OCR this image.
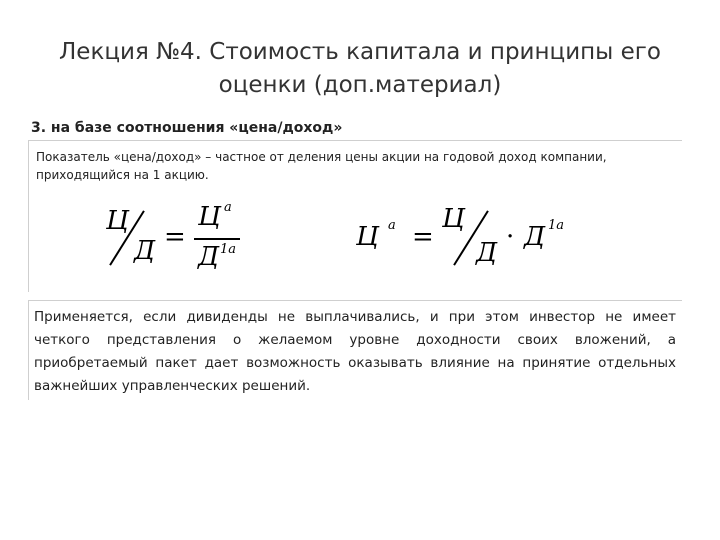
Лекция №4. Стоимость капитала и принципы его
оценки (доп.материал)
3. на базе соотношения «цена/доход»
Показатель «цена/доход» – частное от деления цены акции на годовой доход компании, приходящийся на 1 акцию.
Ц
Д =
Ц a
Д 1a	Ц a =
Ц
Д
· Д 1a
Применяется, если дивиденды не выплачивались, и при этом инвестор не имеет четкого представления о желаемом уровне доходности своих вложений, а приобретаемый пакет дает возможность оказывать влияние на принятие отдельных важнейших управленческих решений.
